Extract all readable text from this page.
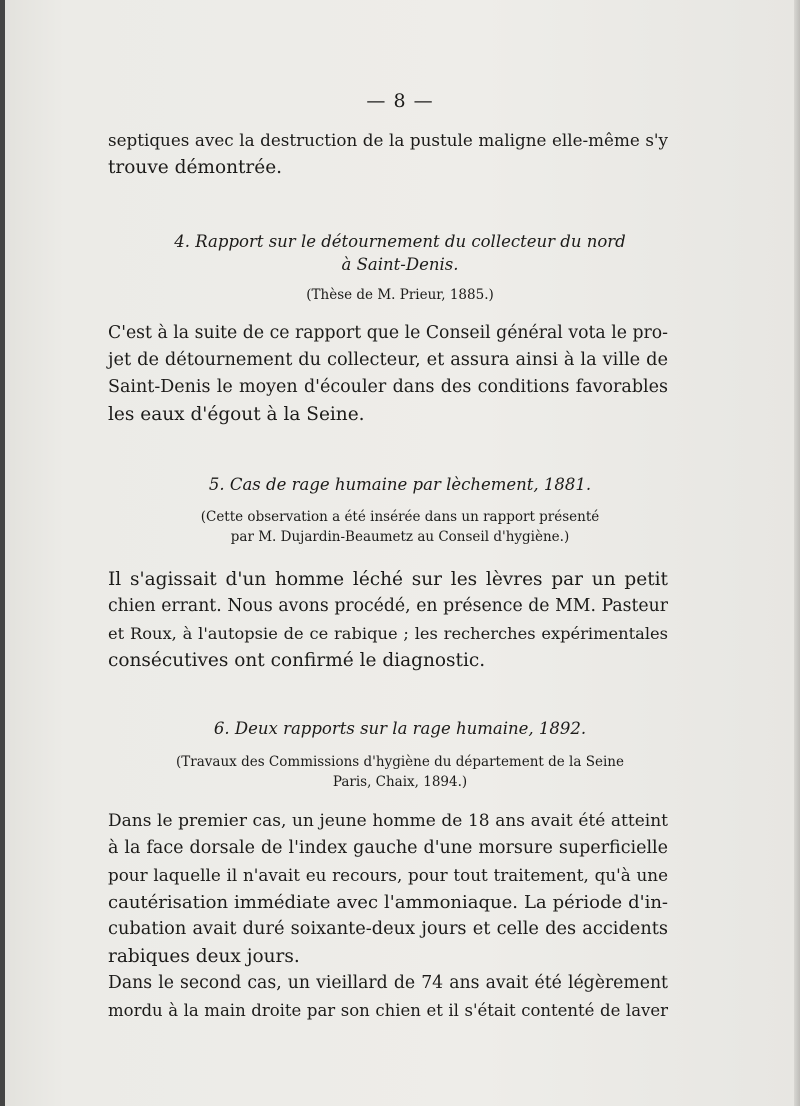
— 8 —

septiques avec la destruction de la pustule maligne elle-même s'y
trouve démontrée.

4. Rapport sur le détournement du collecteur du nord

à Saint-Denis.

(Thèse de M. Prieur, 1885.)

C'est à la suite de ce rapport que le Conseil général vota le pro-
jet de détournement du collecteur, et assura ainsi à la ville de
Saint-Denis le moyen d'écouler dans des conditions favorables
les eaux d'égout à la Seine.

5. Cas de rage humaine par lèchement, 1881.

(Cette observation a été insérée dans un rapport présenté

par M. Dujardin-Beaumetz au Conseil d'hygiène.)

Il s'agissait d'un homme léché sur les lèvres par un petit
chien errant. Nous avons procédé, en présence de MM. Pasteur
et Roux, à l'autopsie de ce rabique ; les recherches expérimentales
consécutives ont confirmé le diagnostic.

6. Deux rapports sur la rage humaine, 1892.

(Travaux des Commissions d'hygiène du département de la Seine

Paris, Chaix, 1894.)

Dans le premier cas, un jeune homme de 18 ans avait été atteint
à la face dorsale de l'index gauche d'une morsure superficielle
pour laquelle il n'avait eu recours, pour tout traitement, qu'à une
cautérisation immédiate avec l'ammoniaque. La période d'in-
cubation avait duré soixante-deux jours et celle des accidents
rabiques deux jours.

Dans le second cas, un vieillard de 74 ans avait été légèrement
mordu à la main droite par son chien et il s'était contenté de laver
